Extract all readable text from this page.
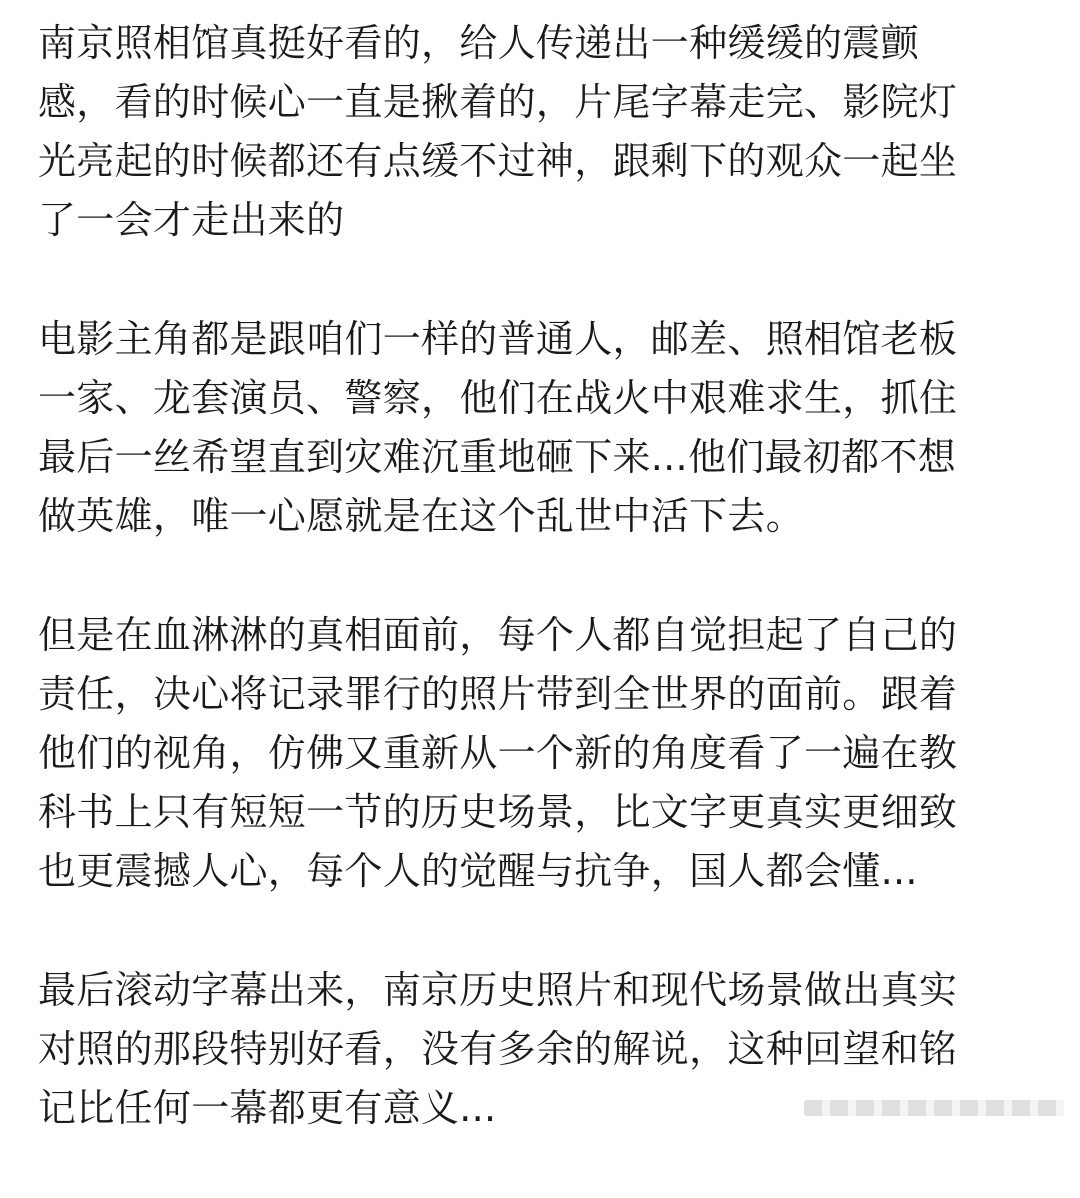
南京照相馆真挺好看的，给人传递出一种缓缓的震颤
感，看的时候心一直是揪着的，片尾字幕走完、影院灯
光亮起的时候都还有点缓不过神，跟剩下的观众一起坐
了一会才走出来的
电影主角都是跟咱们一样的普通人，邮差、照相馆老板
一家、龙套演员、警察，他们在战火中艰难求生，抓住
最后一丝希望直到灾难沉重地砸下来...他们最初都不想
做英雄，唯一心愿就是在这个乱世中活下去。
但是在血淋淋的真相面前，每个人都自觉担起了自己的
责任，决心将记录罪行的照片带到全世界的面前。跟着
他们的视角，仿佛又重新从一个新的角度看了一遍在教
科书上只有短短一节的历史场景，比文字更真实更细致
也更震撼人心，每个人的觉醒与抗争，国人都会懂...
最后滚动字幕出来，南京历史照片和现代场景做出真实
对照的那段特别好看，没有多余的解说，这种回望和铭
记比任何一幕都更有意义...
